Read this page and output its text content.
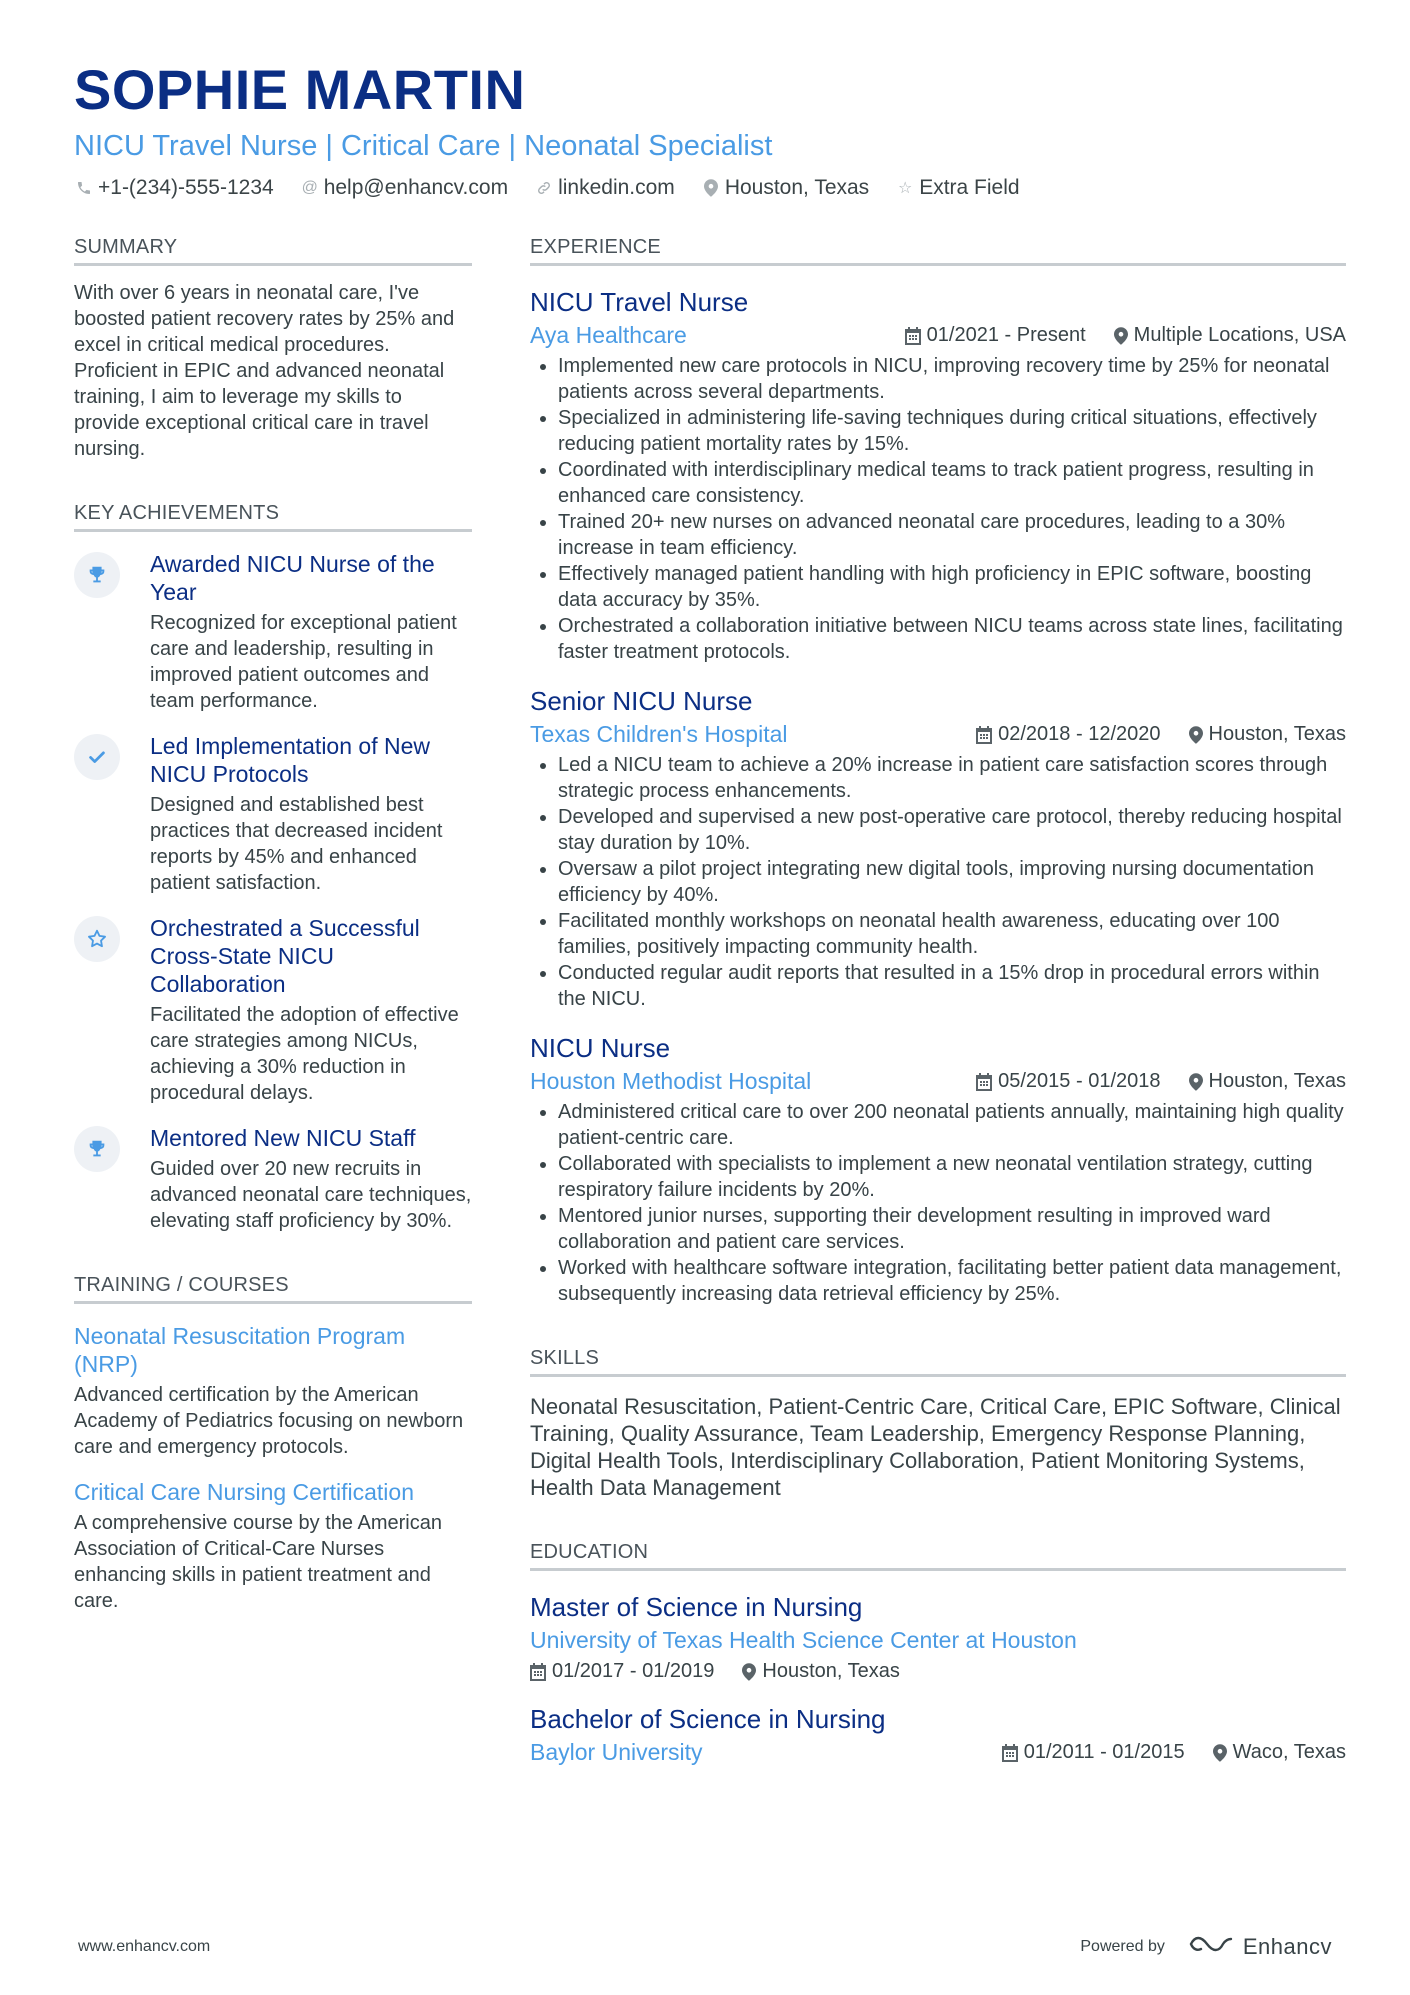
SOPHIE MARTIN
NICU Travel Nurse | Critical Care | Neonatal Specialist
+1-(234)-555-1234 @ help@enhancv.com linkedin.com Houston, Texas ☆ Extra Field
SUMMARY
With over 6 years in neonatal care, I've boosted patient recovery rates by 25% and excel in critical medical procedures. Proficient in EPIC and advanced neonatal training, I aim to leverage my skills to provide exceptional critical care in travel nursing.
KEY ACHIEVEMENTS
Awarded NICU Nurse of the Year
Recognized for exceptional patient care and leadership, resulting in improved patient outcomes and team performance.
Led Implementation of New NICU Protocols
Designed and established best practices that decreased incident reports by 45% and enhanced patient satisfaction.
Orchestrated a Successful Cross-State NICU Collaboration
Facilitated the adoption of effective care strategies among NICUs, achieving a 30% reduction in procedural delays.
Mentored New NICU Staff
Guided over 20 new recruits in advanced neonatal care techniques, elevating staff proficiency by 30%.
TRAINING / COURSES
Neonatal Resuscitation Program (NRP)
Advanced certification by the American Academy of Pediatrics focusing on newborn care and emergency protocols.
Critical Care Nursing Certification
A comprehensive course by the American Association of Critical-Care Nurses enhancing skills in patient treatment and care.
EXPERIENCE
NICU Travel Nurse
Aya Healthcare	01/2021 - Present Multiple Locations, USA
• Implemented new care protocols in NICU, improving recovery time by 25% for neonatal patients across several departments.
• Specialized in administering life-saving techniques during critical situations, effectively reducing patient mortality rates by 15%.
• Coordinated with interdisciplinary medical teams to track patient progress, resulting in enhanced care consistency.
• Trained 20+ new nurses on advanced neonatal care procedures, leading to a 30% increase in team efficiency.
• Effectively managed patient handling with high proficiency in EPIC software, boosting data accuracy by 35%.
• Orchestrated a collaboration initiative between NICU teams across state lines, facilitating faster treatment protocols.
Senior NICU Nurse
Texas Children's Hospital	02/2018 - 12/2020 Houston, Texas
• Led a NICU team to achieve a 20% increase in patient care satisfaction scores through strategic process enhancements.
• Developed and supervised a new post-operative care protocol, thereby reducing hospital stay duration by 10%.
• Oversaw a pilot project integrating new digital tools, improving nursing documentation efficiency by 40%.
• Facilitated monthly workshops on neonatal health awareness, educating over 100 families, positively impacting community health.
• Conducted regular audit reports that resulted in a 15% drop in procedural errors within the NICU.
NICU Nurse
Houston Methodist Hospital	05/2015 - 01/2018 Houston, Texas
• Administered critical care to over 200 neonatal patients annually, maintaining high quality patient-centric care.
• Collaborated with specialists to implement a new neonatal ventilation strategy, cutting respiratory failure incidents by 20%.
• Mentored junior nurses, supporting their development resulting in improved ward collaboration and patient care services.
• Worked with healthcare software integration, facilitating better patient data management, subsequently increasing data retrieval efficiency by 25%.
SKILLS
Neonatal Resuscitation, Patient-Centric Care, Critical Care, EPIC Software, Clinical Training, Quality Assurance, Team Leadership, Emergency Response Planning, Digital Health Tools, Interdisciplinary Collaboration, Patient Monitoring Systems, Health Data Management
EDUCATION
Master of Science in Nursing
University of Texas Health Science Center at Houston
01/2017 - 01/2019 Houston, Texas
Bachelor of Science in Nursing
Baylor University	01/2011 - 01/2015 Waco, Texas
www.enhancv.com	Powered by	Enhancv
